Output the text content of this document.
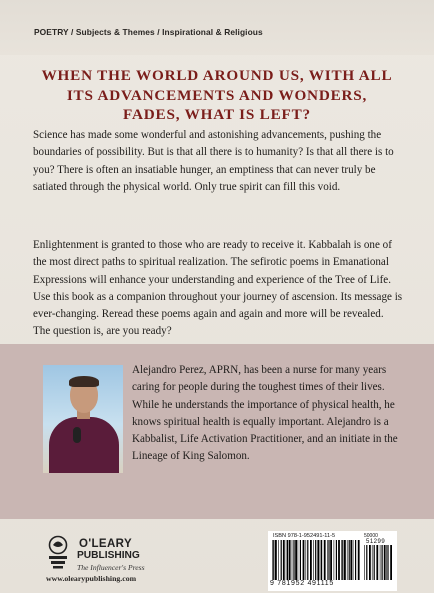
POETRY / Subjects & Themes / Inspirational & Religious
WHEN THE WORLD AROUND US, WITH ALL ITS ADVANCEMENTS AND WONDERS, FADES, WHAT IS LEFT?
Science has made some wonderful and astonishing advancements, pushing the boundaries of possibility. But is that all there is to humanity? Is that all there is to you? There is often an insatiable hunger, an emptiness that can never truly be satiated through the physical world. Only true spirit can fill this void.
Enlightenment is granted to those who are ready to receive it. Kabbalah is one of the most direct paths to spiritual realization. The sefirotic poems in Emanational Expressions will enhance your understanding and experience of the Tree of Life. Use this book as a companion throughout your journey of ascension. Its message is ever-changing. Reread these poems again and again and more will be revealed. The question is, are you ready?
Alejandro Perez, APRN, has been a nurse for many years caring for people during the toughest times of their lives. While he understands the importance of physical health, he knows spiritual health is equally important. Alejandro is a Kabbalist, Life Activation Practitioner, and an initiate in the Lineage of King Salomon.
O'LEARY
PUBLISHING
The Influencer's Press
www.olearypublishing.com
ISBN 978-1-952491-11-5	50000
51299
9 781952 491115
